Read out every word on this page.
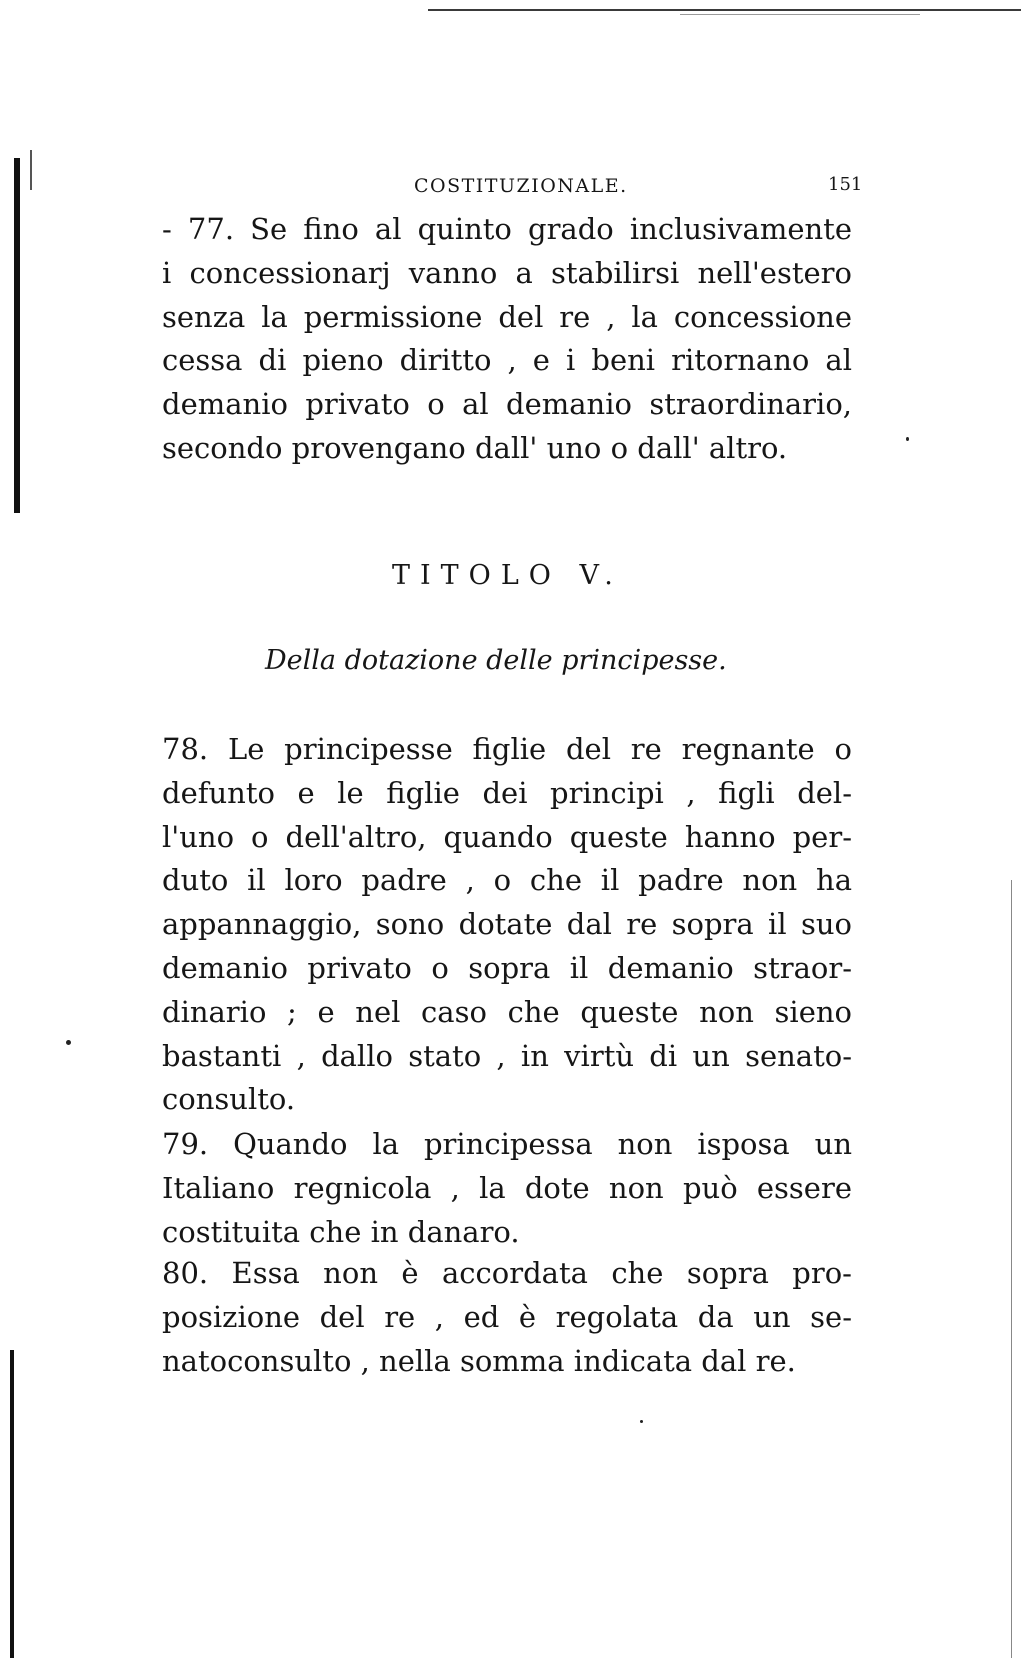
COSTITUZIONALE.	151
- 77. Se fino al quinto grado inclusivamente
i concessionarj vanno a stabilirsi nell'estero
senza la permissione del re , la concessione
cessa di pieno diritto , e i beni ritornano al
demanio privato o al demanio straordinario,
secondo provengano dall' uno o dall' altro.
TITOLO V.
Della dotazione delle principesse.
78. Le principesse figlie del re regnante o
defunto e le figlie dei principi , figli del-
l'uno o dell'altro, quando queste hanno per-
duto il loro padre , o che il padre non ha
appannaggio, sono dotate dal re sopra il suo
demanio privato o sopra il demanio straor-
dinario ; e nel caso che queste non sieno
bastanti , dallo stato , in virtù di un senato-
consulto.
79. Quando la principessa non isposa un
Italiano regnicola , la dote non può essere
costituita che in danaro.
80. Essa non è accordata che sopra pro-
posizione del re , ed è regolata da un se-
natoconsulto , nella somma indicata dal re.
